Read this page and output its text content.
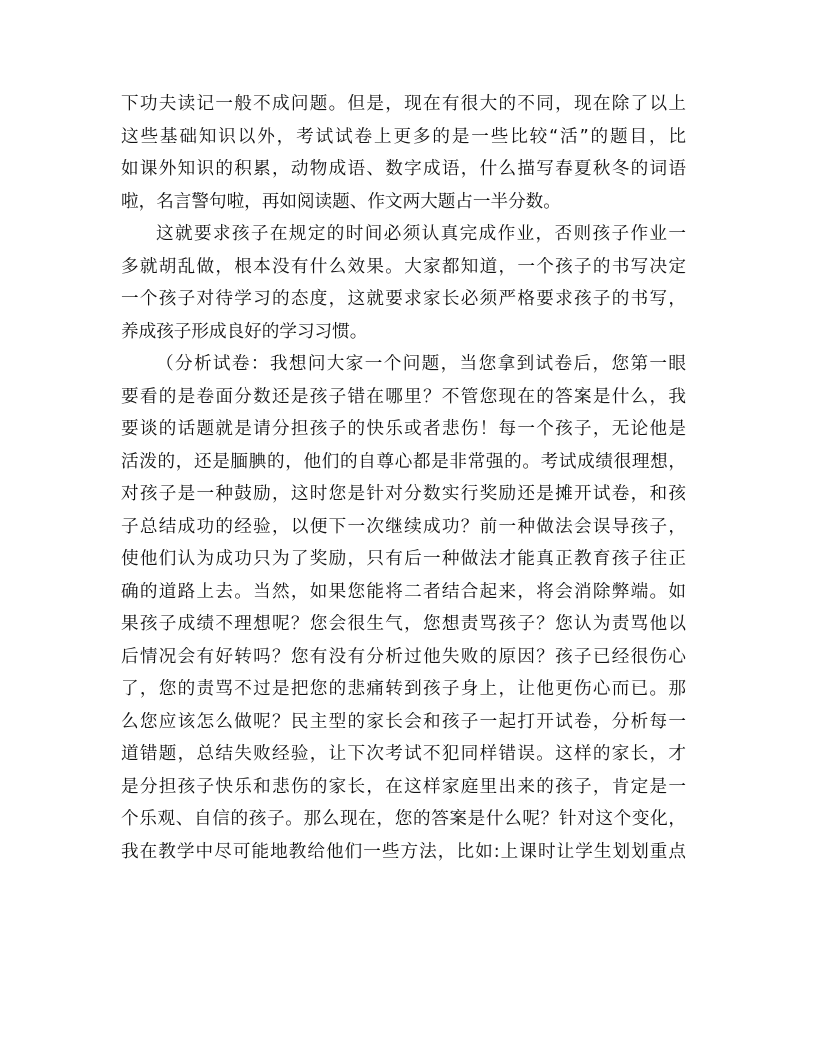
下功夫读记一般不成问题。但是，现在有很大的不同，现在除了以上
这些基础知识以外，考试试卷上更多的是一些比较“活”的题目，比
如课外知识的积累，动物成语、数字成语，什么描写春夏秋冬的词语
啦，名言警句啦，再如阅读题、作文两大题占一半分数。
这就要求孩子在规定的时间必须认真完成作业，否则孩子作业一
多就胡乱做，根本没有什么效果。大家都知道，一个孩子的书写决定
一个孩子对待学习的态度，这就要求家长必须严格要求孩子的书写，
养成孩子形成良好的学习习惯。
（分析试卷：我想问大家一个问题，当您拿到试卷后，您第一眼
要看的是卷面分数还是孩子错在哪里？不管您现在的答案是什么，我
要谈的话题就是请分担孩子的快乐或者悲伤！每一个孩子，无论他是
活泼的，还是腼腆的，他们的自尊心都是非常强的。考试成绩很理想，
对孩子是一种鼓励，这时您是针对分数实行奖励还是摊开试卷，和孩
子总结成功的经验，以便下一次继续成功？前一种做法会误导孩子，
使他们认为成功只为了奖励，只有后一种做法才能真正教育孩子往正
确的道路上去。当然，如果您能将二者结合起来，将会消除弊端。如
果孩子成绩不理想呢？您会很生气，您想责骂孩子？您认为责骂他以
后情况会有好转吗？您有没有分析过他失败的原因？孩子已经很伤心
了，您的责骂不过是把您的悲痛转到孩子身上，让他更伤心而已。那
么您应该怎么做呢？民主型的家长会和孩子一起打开试卷，分析每一
道错题，总结失败经验，让下次考试不犯同样错误。这样的家长，才
是分担孩子快乐和悲伤的家长，在这样家庭里出来的孩子，肯定是一
个乐观、自信的孩子。那么现在，您的答案是什么呢？针对这个变化，
我在教学中尽可能地教给他们一些方法，比如:上课时让学生划划重点
